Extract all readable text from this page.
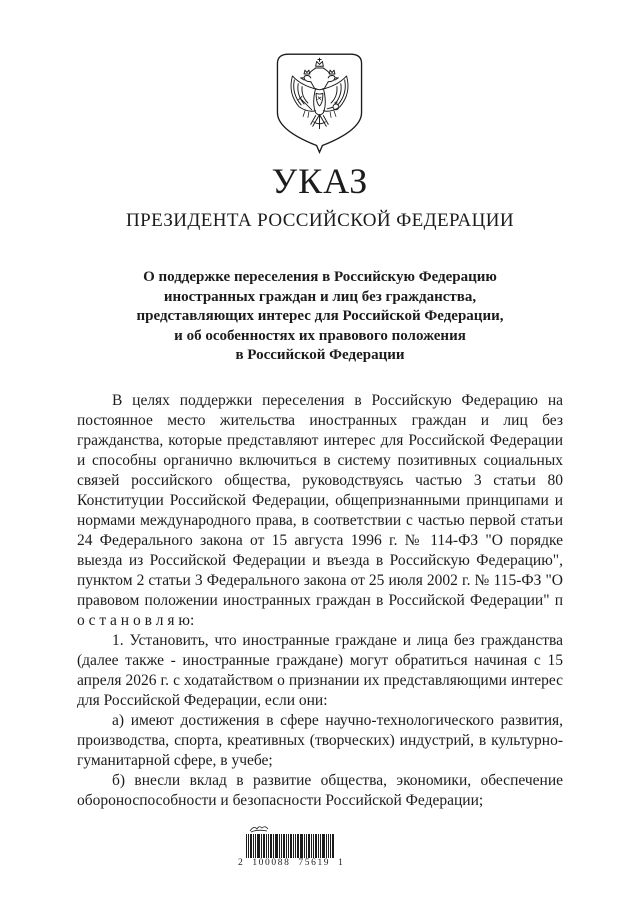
УКАЗ
ПРЕЗИДЕНТА РОССИЙСКОЙ ФЕДЕРАЦИИ
О поддержке переселения в Российскую Федерацию
иностранных граждан и лиц без гражданства,
представляющих интерес для Российской Федерации,
и об особенностях их правового положения
в Российской Федерации

В целях поддержки переселения в Российскую Федерацию на постоянное место жительства иностранных граждан и лиц без гражданства, которые представляют интерес для Российской Федерации и способны органично включиться в систему позитивных социальных связей российского общества, руководствуясь частью 3 статьи 80 Конституции Российской Федерации, общепризнанными принципами и нормами международного права, в соответствии с частью первой статьи 24 Федерального закона от 15 августа 1996 г. № 114-ФЗ "О порядке выезда из Российской Федерации и въезда в Российскую Федерацию", пунктом 2 статьи 3 Федерального закона от 25 июля 2002 г. № 115-ФЗ "О правовом положении иностранных граждан в Российской Федерации" п о с т а н о в л я ю:

1. Установить, что иностранные граждане и лица без гражданства (далее также - иностранные граждане) могут обратиться начиная с 15 апреля 2026 г. с ходатайством о признании их представляющими интерес для Российской Федерации, если они:

а) имеют достижения в сфере научно-технологического развития, производства, спорта, креативных (творческих) индустрий, в культурно-гуманитарной сфере, в учебе;

б) внесли вклад в развитие общества, экономики, обеспечение обороноспособности и безопасности Российской Федерации;

2 100088 75619 1
